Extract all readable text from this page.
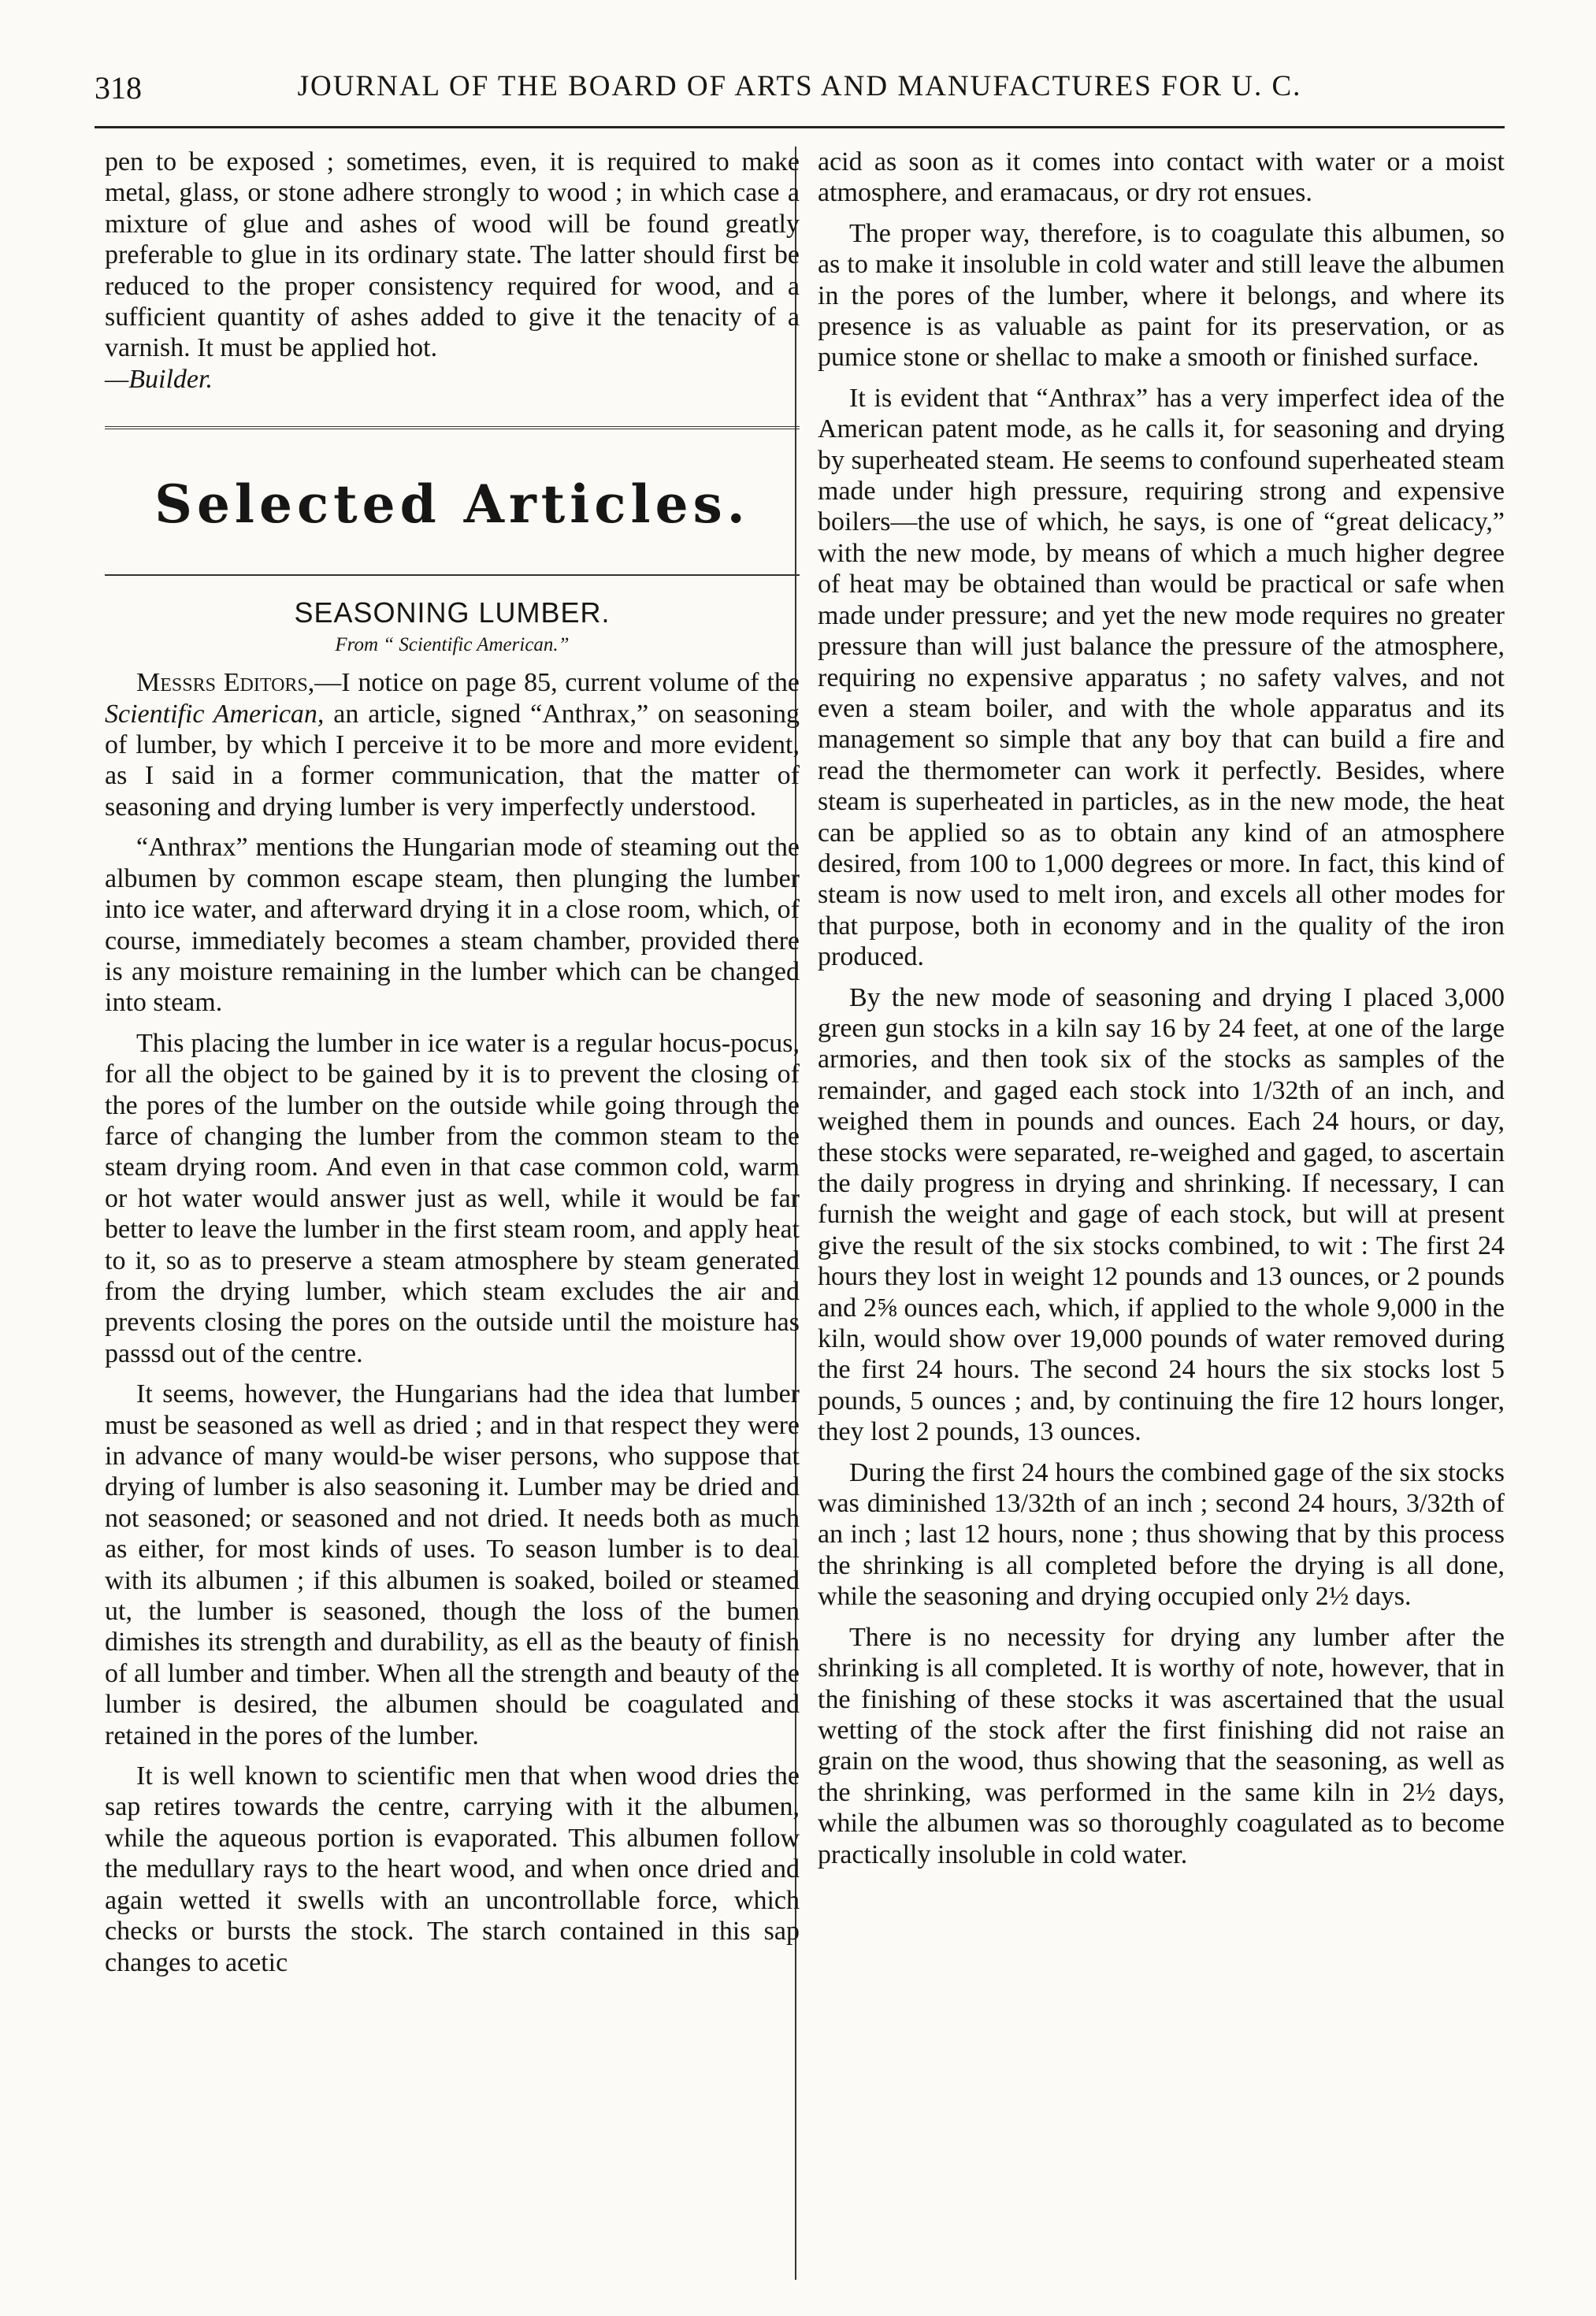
318	JOURNAL OF THE BOARD OF ARTS AND MANUFACTURES FOR U. C.

pen to be exposed ; sometimes, even, it is required to make metal, glass, or stone adhere strongly to wood ; in which case a mixture of glue and ashes of wood will be found greatly preferable to glue in its ordinary state. The latter should first be reduced to the proper consistency required for wood, and a sufficient quantity of ashes added to give it the tenacity of a varnish. It must be applied hot.
—Builder.

Selected Articles.
SEASONING LUMBER.
From “ Scientific American.”

Messrs Editors,—I notice on page 85, current volume of the Scientific American, an article, signed “Anthrax,” on seasoning of lumber, by which I perceive it to be more and more evident, as I said in a former communication, that the matter of seasoning and drying lumber is very imperfectly understood.

“Anthrax” mentions the Hungarian mode of steaming out the albumen by common escape steam, then plunging the lumber into ice water, and afterward drying it in a close room, which, of course, immediately becomes a steam chamber, provided there is any moisture remaining in the lumber which can be changed into steam.

This placing the lumber in ice water is a regular hocus-pocus, for all the object to be gained by it is to prevent the closing of the pores of the lumber on the outside while going through the farce of changing the lumber from the common steam to the steam drying room. And even in that case common cold, warm or hot water would answer just as well, while it would be far better to leave the lumber in the first steam room, and apply heat to it, so as to preserve a steam atmosphere by steam generated from the drying lumber, which steam excludes the air and prevents closing the pores on the outside until the moisture has passsd out of the centre.

It seems, however, the Hungarians had the idea that lumber must be seasoned as well as dried ; and in that respect they were in advance of many would-be wiser persons, who suppose that drying of lumber is also seasoning it. Lumber may be dried and not seasoned; or seasoned and not dried. It needs both as much as either, for most kinds of uses. To season lumber is to deal with its albumen ; if this albumen is soaked, boiled or steamed ut, the lumber is seasoned, though the loss of the bumen dimishes its strength and durability, as ell as the beauty of finish of all lumber and timber. When all the strength and beauty of the lumber is desired, the albumen should be coagulated and retained in the pores of the lumber.

It is well known to scientific men that when wood dries the sap retires towards the centre, carrying with it the albumen, while the aqueous portion is evaporated. This albumen follow the medullary rays to the heart wood, and when once dried and again wetted it swells with an uncontrollable force, which checks or bursts the stock. The starch contained in this sap changes to acetic

acid as soon as it comes into contact with water or a moist atmosphere, and eramacaus, or dry rot ensues.

The proper way, therefore, is to coagulate this albumen, so as to make it insoluble in cold water and still leave the albumen in the pores of the lumber, where it belongs, and where its presence is as valuable as paint for its preservation, or as pumice stone or shellac to make a smooth or finished surface.

It is evident that “Anthrax” has a very imperfect idea of the American patent mode, as he calls it, for seasoning and drying by superheated steam. He seems to confound superheated steam made under high pressure, requiring strong and expensive boilers—the use of which, he says, is one of “great delicacy,” with the new mode, by means of which a much higher degree of heat may be obtained than would be practical or safe when made under pressure; and yet the new mode requires no greater pressure than will just balance the pressure of the atmosphere, requiring no expensive apparatus ; no safety valves, and not even a steam boiler, and with the whole apparatus and its management so simple that any boy that can build a fire and read the thermometer can work it perfectly. Besides, where steam is superheated in particles, as in the new mode, the heat can be applied so as to obtain any kind of an atmosphere desired, from 100 to 1,000 degrees or more. In fact, this kind of steam is now used to melt iron, and excels all other modes for that purpose, both in economy and in the quality of the iron produced.

By the new mode of seasoning and drying I placed 3,000 green gun stocks in a kiln say 16 by 24 feet, at one of the large armories, and then took six of the stocks as samples of the remainder, and gaged each stock into 1/32th of an inch, and weighed them in pounds and ounces. Each 24 hours, or day, these stocks were separated, re-weighed and gaged, to ascertain the daily progress in drying and shrinking. If necessary, I can furnish the weight and gage of each stock, but will at present give the result of the six stocks combined, to wit : The first 24 hours they lost in weight 12 pounds and 13 ounces, or 2 pounds and 2⅝ ounces each, which, if applied to the whole 9,000 in the kiln, would show over 19,000 pounds of water removed during the first 24 hours. The second 24 hours the six stocks lost 5 pounds, 5 ounces ; and, by continuing the fire 12 hours longer, they lost 2 pounds, 13 ounces.

During the first 24 hours the combined gage of the six stocks was diminished 13/32th of an inch ; second 24 hours, 3/32th of an inch ; last 12 hours, none ; thus showing that by this process the shrinking is all completed before the drying is all done, while the seasoning and drying occupied only 2½ days.

There is no necessity for drying any lumber after the shrinking is all completed. It is worthy of note, however, that in the finishing of these stocks it was ascertained that the usual wetting of the stock after the first finishing did not raise an grain on the wood, thus showing that the seasoning, as well as the shrinking, was performed in the same kiln in 2½ days, while the albumen was so thoroughly coagulated as to become practically insoluble in cold water.
